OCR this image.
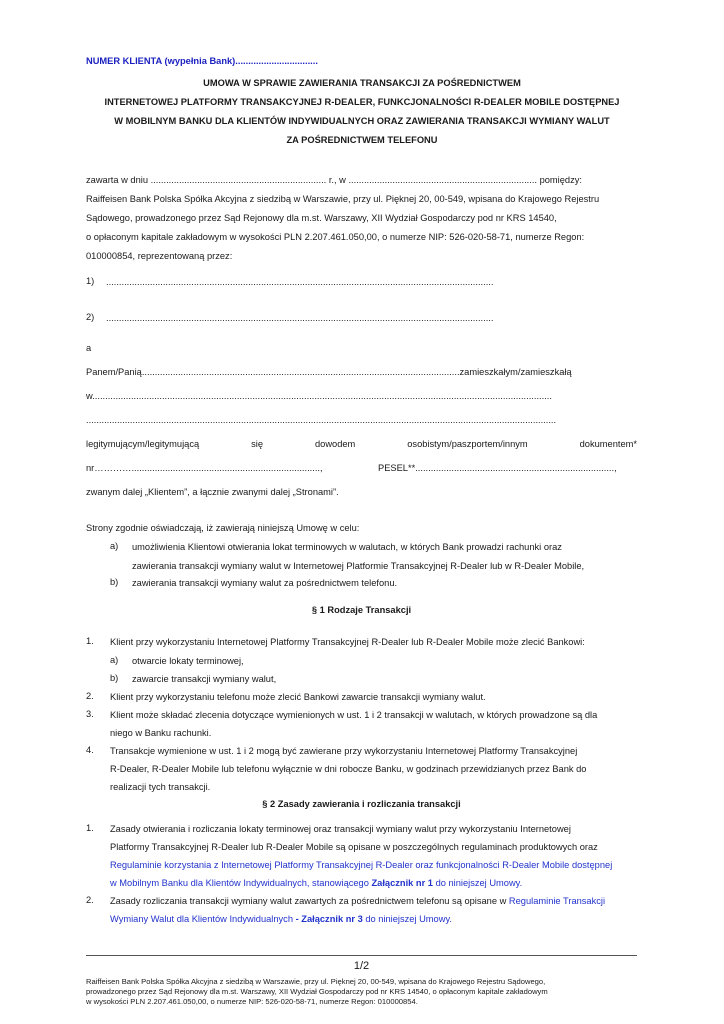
NUMER KLIENTA (wypełnia Bank)................................
UMOWA W SPRAWIE ZAWIERANIA TRANSAKCJI ZA POŚREDNICTWEM
INTERNETOWEJ PLATFORMY TRANSAKCYJNEJ R-DEALER, FUNKCJONALNOŚCI R-DEALER MOBILE DOSTĘPNEJ
W MOBILNYM BANKU DLA KLIENTÓW INDYWIDUALNYCH ORAZ ZAWIERANIA TRANSAKCJI WYMIANY WALUT
ZA POŚREDNICTWEM TELEFONU
zawarta w dniu .................................................................... r., w ......................................................................... pomiędzy:
Raiffeisen Bank Polska Spółka Akcyjna z siedzibą w Warszawie, przy ul. Pięknej 20, 00-549, wpisana do Krajowego Rejestru
Sądowego, prowadzonego przez Sąd Rejonowy dla m.st. Warszawy, XII Wydział Gospodarczy pod nr KRS 14540,
o opłaconym kapitale zakładowym w wysokości PLN 2.207.461.050,00, o numerze NIP: 526-020-58-71, numerze Regon:
010000854, reprezentowaną przez:
1) ......................................................................................................................................................
2) ......................................................................................................................................................
a
Panem/Panią...........................................................................................................................zamieszkałym/zamieszkałą
w..................................................................................................................................................................................
......................................................................................................................................................................................
legitymującym/legitymującą	się	dowodem	osobistym/paszportem/innym	dokumentem*
nr………….........................................................................,	PESEL**.............................................................................,
zwanym dalej „Klientem”, a łącznie zwanymi dalej „Stronami”.
Strony zgodnie oświadczają, iż zawierają niniejszą Umowę w celu:
a) umożliwienia Klientowi otwierania lokat terminowych w walutach, w których Bank prowadzi rachunki oraz
zawierania transakcji wymiany walut w Internetowej Platformie Transakcyjnej R-Dealer lub w R-Dealer Mobile,
b) zawierania transakcji wymiany walut za pośrednictwem telefonu.
§ 1 Rodzaje Transakcji
1. Klient przy wykorzystaniu Internetowej Platformy Transakcyjnej R-Dealer lub R-Dealer Mobile może zlecić Bankowi:
a) otwarcie lokaty terminowej,
b) zawarcie transakcji wymiany walut,
2. Klient przy wykorzystaniu telefonu może zlecić Bankowi zawarcie transakcji wymiany walut.
3. Klient może składać zlecenia dotyczące wymienionych w ust. 1 i 2 transakcji w walutach, w których prowadzone są dla
niego w Banku rachunki.
4. Transakcje wymienione w ust. 1 i 2 mogą być zawierane przy wykorzystaniu Internetowej Platformy Transakcyjnej
R-Dealer, R-Dealer Mobile lub telefonu wyłącznie w dni robocze Banku, w godzinach przewidzianych przez Bank do
realizacji tych transakcji.
§ 2 Zasady zawierania i rozliczania transakcji
1. Zasady otwierania i rozliczania lokaty terminowej oraz transakcji wymiany walut przy wykorzystaniu Internetowej
Platformy Transakcyjnej R-Dealer lub R-Dealer Mobile są opisane w poszczególnych regulaminach produktowych oraz
Regulaminie korzystania z Internetowej Platformy Transakcyjnej R-Dealer oraz funkcjonalności R-Dealer Mobile dostępnej
w Mobilnym Banku dla Klientów Indywidualnych, stanowiącego Załącznik nr 1 do niniejszej Umowy.
2. Zasady rozliczania transakcji wymiany walut zawartych za pośrednictwem telefonu są opisane w Regulaminie Transakcji
Wymiany Walut dla Klientów Indywidualnych - Załącznik nr 3 do niniejszej Umowy.
1/2
Raiffeisen Bank Polska Spółka Akcyjna z siedzibą w Warszawie, przy ul. Pięknej 20, 00-549, wpisana do Krajowego Rejestru Sądowego,
prowadzonego przez Sąd Rejonowy dla m.st. Warszawy, XII Wydział Gospodarczy pod nr KRS 14540, o opłaconym kapitale zakładowym
w wysokości PLN 2.207.461.050,00, o numerze NIP: 526-020-58-71, numerze Regon: 010000854.
